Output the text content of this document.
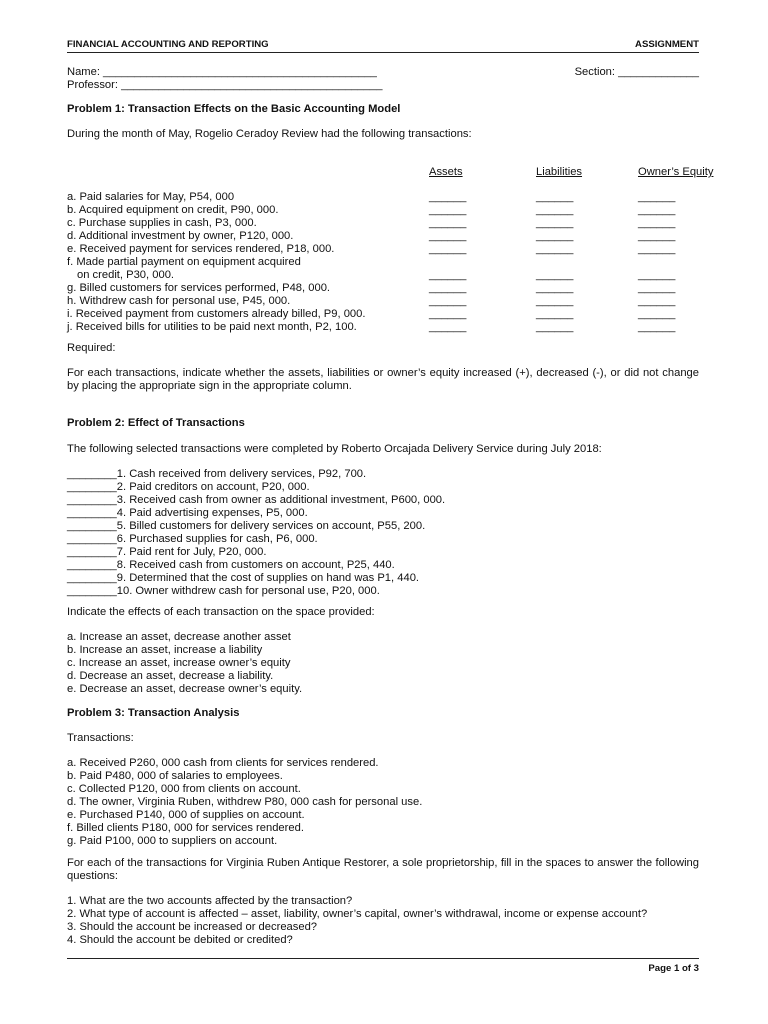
FINANCIAL ACCOUNTING AND REPORTING	ASSIGNMENT
Name: ____________________________________________	Section: _____________
Professor: __________________________________________
Problem 1: Transaction Effects on the Basic Accounting Model
During the month of May, Rogelio Ceradoy Review had the following transactions:
Assets	Liabilities	Owner’s Equity
a. Paid salaries for May, P54, 000	______	______	______
b. Acquired equipment on credit, P90, 000.	______	______	______
c. Purchase supplies in cash, P3, 000.	______	______	______
d. Additional investment by owner, P120, 000.	______	______	______
e. Received payment for services rendered, P18, 000.	______	______	______
f. Made partial payment on equipment acquired
on credit, P30, 000.	______	______	______
g. Billed customers for services performed, P48, 000.	______	______	______
h. Withdrew cash for personal use, P45, 000.	______	______	______
i. Received payment from customers already billed, P9, 000.	______	______	______
j. Received bills for utilities to be paid next month, P2, 100.	______	______	______
Required:
For each transactions, indicate whether the assets, liabilities or owner’s equity increased (+), decreased (-), or did not change by placing the appropriate sign in the appropriate column.
Problem 2: Effect of Transactions
The following selected transactions were completed by Roberto Orcajada Delivery Service during July 2018:
________1. Cash received from delivery services, P92, 700.
________2. Paid creditors on account, P20, 000.
________3. Received cash from owner as additional investment, P600, 000.
________4. Paid advertising expenses, P5, 000.
________5. Billed customers for delivery services on account, P55, 200.
________6. Purchased supplies for cash, P6, 000.
________7. Paid rent for July, P20, 000.
________8. Received cash from customers on account, P25, 440.
________9. Determined that the cost of supplies on hand was P1, 440.
________10. Owner withdrew cash for personal use, P20, 000.
Indicate the effects of each transaction on the space provided:
a. Increase an asset, decrease another asset
b. Increase an asset, increase a liability
c. Increase an asset, increase owner’s equity
d. Decrease an asset, decrease a liability.
e. Decrease an asset, decrease owner’s equity.
Problem 3: Transaction Analysis
Transactions:
a. Received P260, 000 cash from clients for services rendered.
b. Paid P480, 000 of salaries to employees.
c. Collected P120, 000 from clients on account.
d. The owner, Virginia Ruben, withdrew P80, 000 cash for personal use.
e. Purchased P140, 000 of supplies on account.
f. Billed clients P180, 000 for services rendered.
g. Paid P100, 000 to suppliers on account.
For each of the transactions for Virginia Ruben Antique Restorer, a sole proprietorship, fill in the spaces to answer the following questions:
1. What are the two accounts affected by the transaction?
2. What type of account is affected – asset, liability, owner’s capital, owner’s withdrawal, income or expense account?
3. Should the account be increased or decreased?
4. Should the account be debited or credited?
Page 1 of 3
